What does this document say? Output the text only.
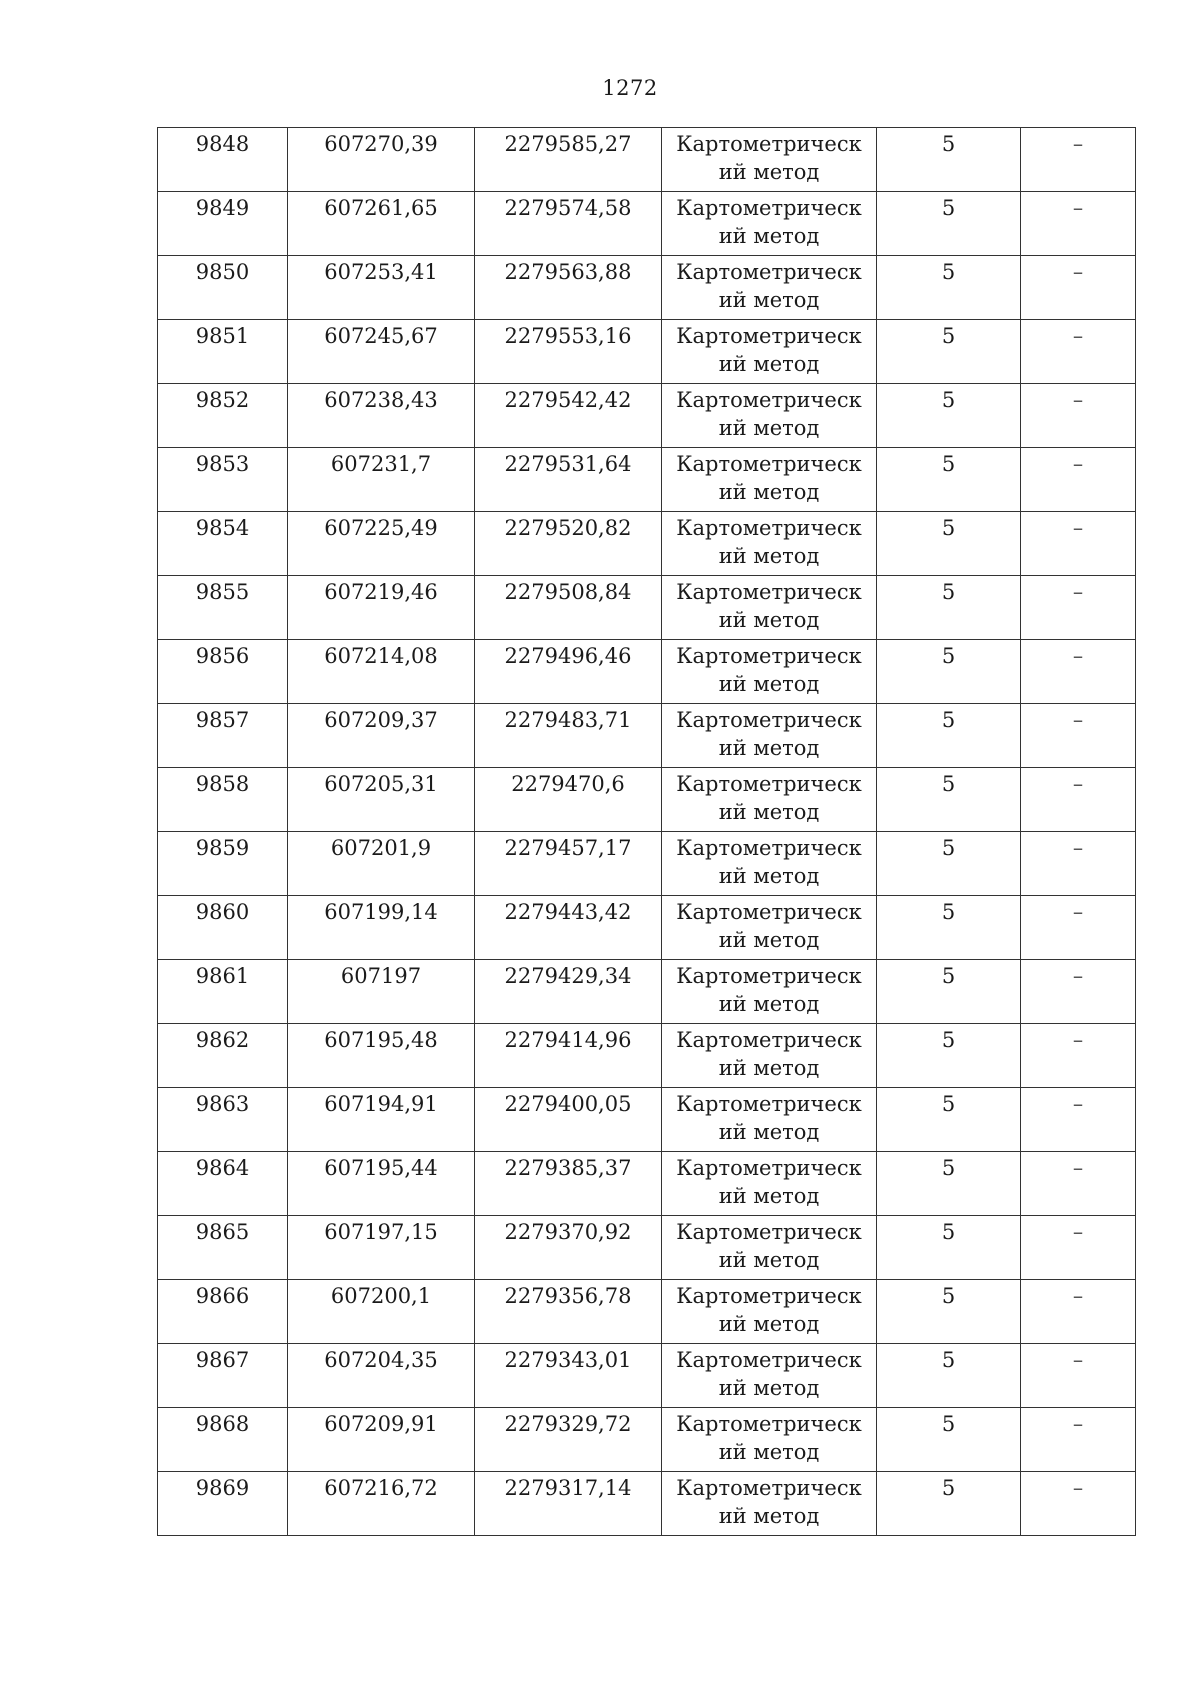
1272
9848	607270,39	2279585,27	Картометрический метод	5	–

9849	607261,65	2279574,58	Картометрический метод	5	–

9850	607253,41	2279563,88	Картометрический метод	5	–

9851	607245,67	2279553,16	Картометрический метод	5	–

9852	607238,43	2279542,42	Картометрический метод	5	–

9853	607231,7	2279531,64	Картометрический метод	5	–

9854	607225,49	2279520,82	Картометрический метод	5	–

9855	607219,46	2279508,84	Картометрический метод	5	–

9856	607214,08	2279496,46	Картометрический метод	5	–

9857	607209,37	2279483,71	Картометрический метод	5	–

9858	607205,31	2279470,6	Картометрический метод	5	–

9859	607201,9	2279457,17	Картометрический метод	5	–

9860	607199,14	2279443,42	Картометрический метод	5	–

9861	607197	2279429,34	Картометрический метод	5	–

9862	607195,48	2279414,96	Картометрический метод	5	–

9863	607194,91	2279400,05	Картометрический метод	5	–

9864	607195,44	2279385,37	Картометрический метод	5	–

9865	607197,15	2279370,92	Картометрический метод	5	–

9866	607200,1	2279356,78	Картометрический метод	5	–

9867	607204,35	2279343,01	Картометрический метод	5	–

9868	607209,91	2279329,72	Картометрический метод	5	–

9869	607216,72	2279317,14	Картометрический метод	5	–
